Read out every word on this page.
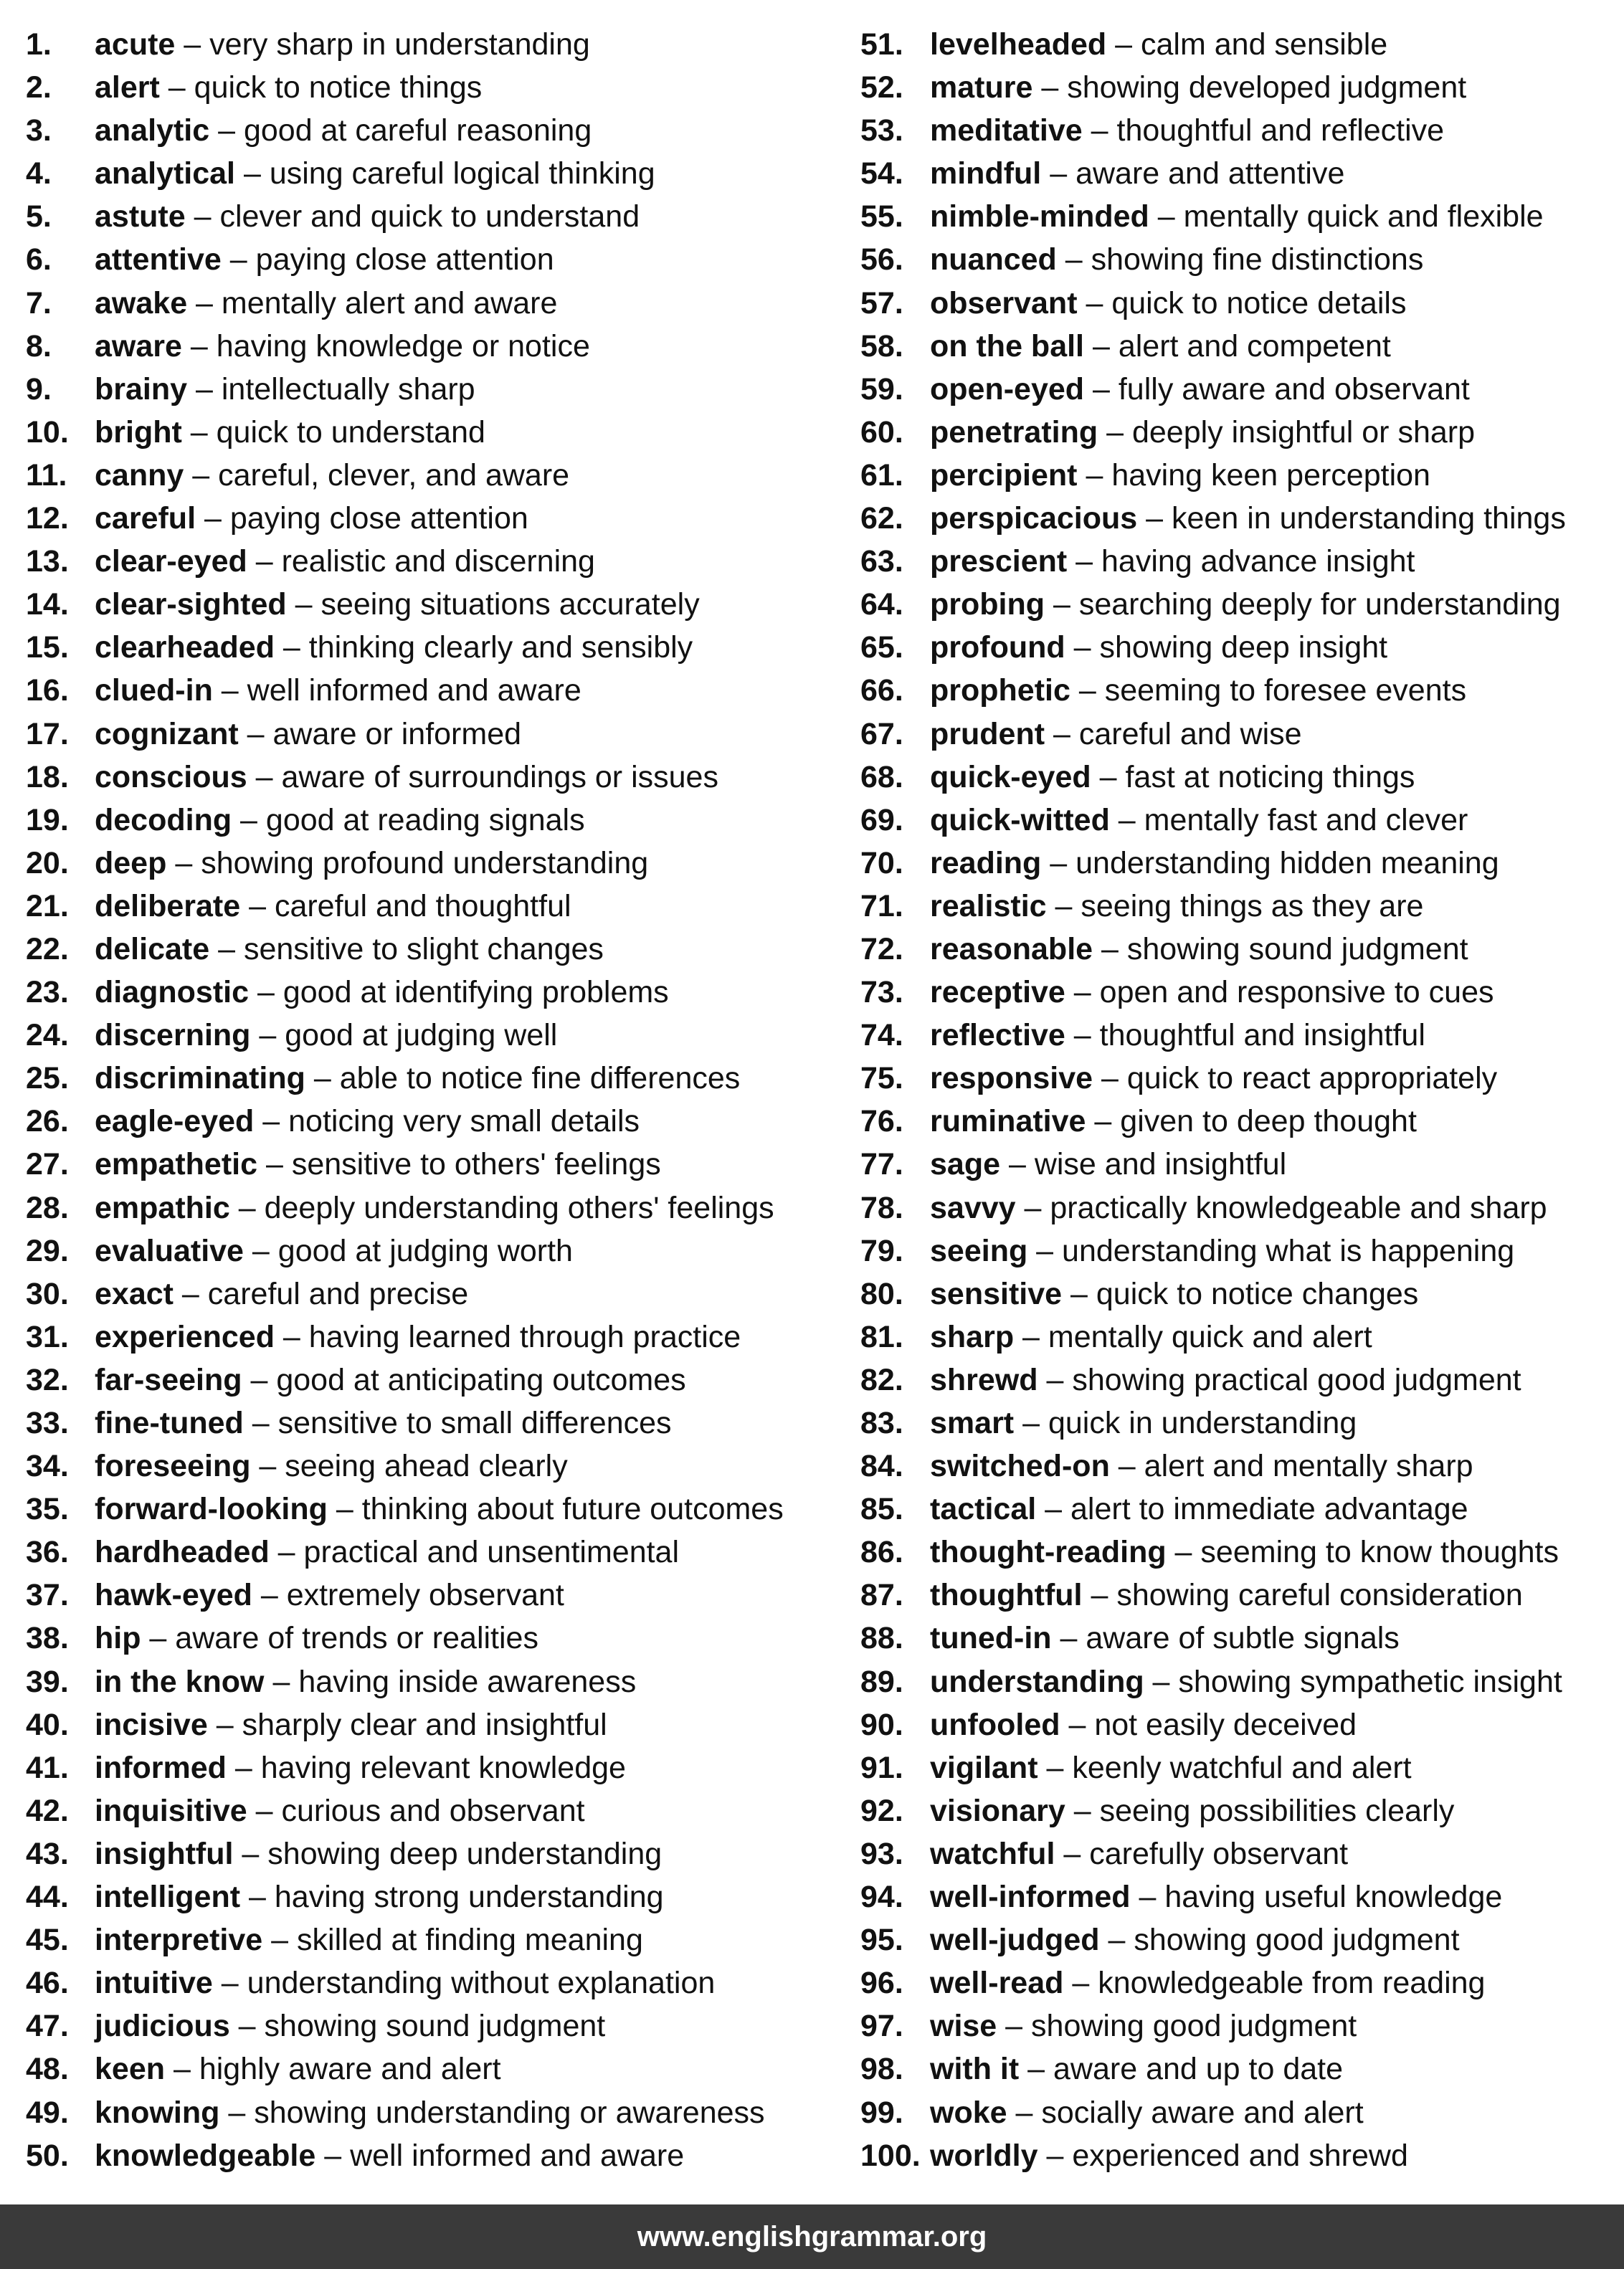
1. acute – very sharp in understanding
2. alert – quick to notice things
3. analytic – good at careful reasoning
4. analytical – using careful logical thinking
5. astute – clever and quick to understand
6. attentive – paying close attention
7. awake – mentally alert and aware
8. aware – having knowledge or notice
9. brainy – intellectually sharp
10. bright – quick to understand
11. canny – careful, clever, and aware
12. careful – paying close attention
13. clear-eyed – realistic and discerning
14. clear-sighted – seeing situations accurately
15. clearheaded – thinking clearly and sensibly
16. clued-in – well informed and aware
17. cognizant – aware or informed
18. conscious – aware of surroundings or issues
19. decoding – good at reading signals
20. deep – showing profound understanding
21. deliberate – careful and thoughtful
22. delicate – sensitive to slight changes
23. diagnostic – good at identifying problems
24. discerning – good at judging well
25. discriminating – able to notice fine differences
26. eagle-eyed – noticing very small details
27. empathetic – sensitive to others' feelings
28. empathic – deeply understanding others' feelings
29. evaluative – good at judging worth
30. exact – careful and precise
31. experienced – having learned through practice
32. far-seeing – good at anticipating outcomes
33. fine-tuned – sensitive to small differences
34. foreseeing – seeing ahead clearly
35. forward-looking – thinking about future outcomes
36. hardheaded – practical and unsentimental
37. hawk-eyed – extremely observant
38. hip – aware of trends or realities
39. in the know – having inside awareness
40. incisive – sharply clear and insightful
41. informed – having relevant knowledge
42. inquisitive – curious and observant
43. insightful – showing deep understanding
44. intelligent – having strong understanding
45. interpretive – skilled at finding meaning
46. intuitive – understanding without explanation
47. judicious – showing sound judgment
48. keen – highly aware and alert
49. knowing – showing understanding or awareness
50. knowledgeable – well informed and aware
51. levelheaded – calm and sensible
52. mature – showing developed judgment
53. meditative – thoughtful and reflective
54. mindful – aware and attentive
55. nimble-minded – mentally quick and flexible
56. nuanced – showing fine distinctions
57. observant – quick to notice details
58. on the ball – alert and competent
59. open-eyed – fully aware and observant
60. penetrating – deeply insightful or sharp
61. percipient – having keen perception
62. perspicacious – keen in understanding things
63. prescient – having advance insight
64. probing – searching deeply for understanding
65. profound – showing deep insight
66. prophetic – seeming to foresee events
67. prudent – careful and wise
68. quick-eyed – fast at noticing things
69. quick-witted – mentally fast and clever
70. reading – understanding hidden meaning
71. realistic – seeing things as they are
72. reasonable – showing sound judgment
73. receptive – open and responsive to cues
74. reflective – thoughtful and insightful
75. responsive – quick to react appropriately
76. ruminative – given to deep thought
77. sage – wise and insightful
78. savvy – practically knowledgeable and sharp
79. seeing – understanding what is happening
80. sensitive – quick to notice changes
81. sharp – mentally quick and alert
82. shrewd – showing practical good judgment
83. smart – quick in understanding
84. switched-on – alert and mentally sharp
85. tactical – alert to immediate advantage
86. thought-reading – seeming to know thoughts
87. thoughtful – showing careful consideration
88. tuned-in – aware of subtle signals
89. understanding – showing sympathetic insight
90. unfooled – not easily deceived
91. vigilant – keenly watchful and alert
92. visionary – seeing possibilities clearly
93. watchful – carefully observant
94. well-informed – having useful knowledge
95. well-judged – showing good judgment
96. well-read – knowledgeable from reading
97. wise – showing good judgment
98. with it – aware and up to date
99. woke – socially aware and alert
100. worldly – experienced and shrewd
www.englishgrammar.org
